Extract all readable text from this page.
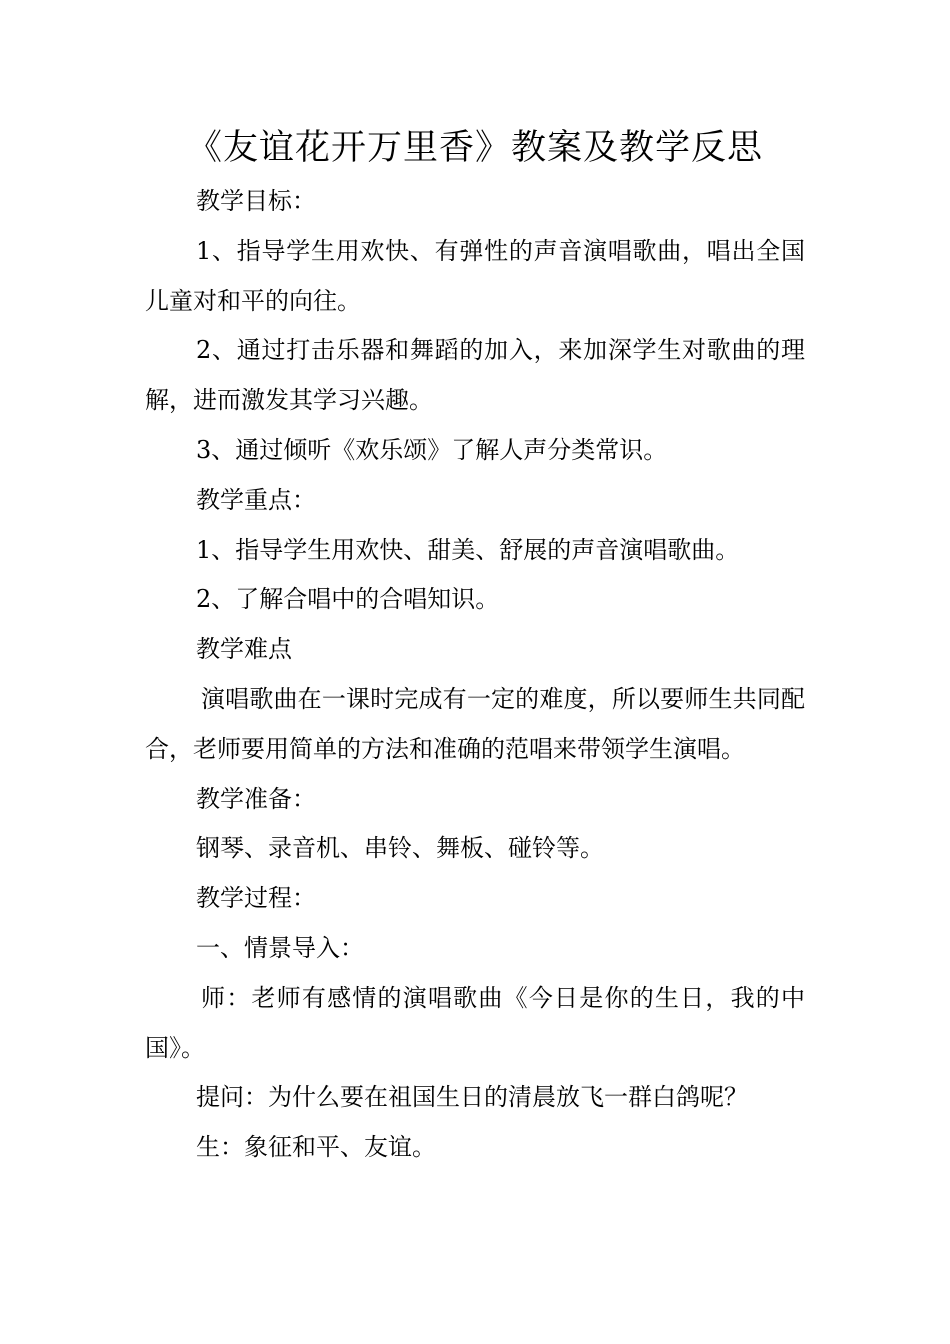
《友谊花开万里香》教案及教学反思

教学目标：

1、指导学生用欢快、有弹性的声音演唱歌曲，唱出全国儿童对和平的向往。

2、通过打击乐器和舞蹈的加入，来加深学生对歌曲的理解，进而激发其学习兴趣。

3、通过倾听《欢乐颂》了解人声分类常识。

教学重点：

1、指导学生用欢快、甜美、舒展的声音演唱歌曲。

2、了解合唱中的合唱知识。

教学难点

演唱歌曲在一课时完成有一定的难度，所以要师生共同配合，老师要用简单的方法和准确的范唱来带领学生演唱。

教学准备：

钢琴、录音机、串铃、舞板、碰铃等。

教学过程：

一、情景导入：

师：老师有感情的演唱歌曲《今日是你的生日，我的中国》。

提问：为什么要在祖国生日的清晨放飞一群白鸽呢？

生：象征和平、友谊。
